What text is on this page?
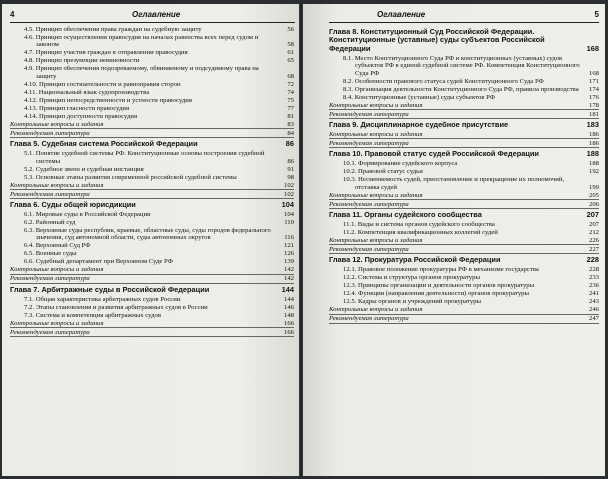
4	Оглавление
4.5. Принцип обеспечения права граждан на судебную защиту	56
4.6. Принцип осуществления правосудия на началах равенства всех перед судом и законом	58
4.7. Принцип участия граждан в отправлении правосудия	61
4.8. Принцип презумпции невиновности	65
4.9. Принцип обеспечения подозреваемому, обвиняемому и подсудимому права на защиту	68
4.10. Принцип состязательности и равноправия сторон	72
4.11. Национальный язык судопроизводства	74
4.12. Принцип непосредственности и устности правосудия	75
4.13. Принцип гласности правосудия	77
4.14. Принцип доступности правосудия	81
Контрольные вопросы и задания	83
Рекомендуемая литература	84
Глава 5. Судебная система Российской Федерации	86
5.1. Понятие судебной системы РФ. Конституционные основы построения судебной системы	86
5.2. Судебное звено и судебная инстанция	91
5.3. Основные этапы развития современной российской судебной системы	98
Контрольные вопросы и задания	102
Рекомендуемая литература	102
Глава 6. Суды общей юрисдикции	104
6.1. Мировые суды в Российской Федерации	104
6.2. Районный суд	110
6.3. Верховные суды республик, краевые, областные суды, суды городов федерального значения, суд автономной области, суды автономных округов	116
6.4. Верховный Суд РФ	121
6.5. Военные суды	126
6.6. Судебный департамент при Верховном Суде РФ	139
Контрольные вопросы и задания	142
Рекомендуемая литература	142
Глава 7. Арбитражные суды в Российской Федерации	144
7.1. Общая характеристика арбитражных судов России	144
7.2. Этапы становления и развития арбитражных судов в России	146
7.3. Система и компетенция арбитражных судов	148
Контрольные вопросы и задания	166
Рекомендуемая литература	166
Оглавление	5
Глава 8. Конституционный Суд Российской Федерации. Конституционные (уставные) суды субъектов Российской Федерации	168
8.1. Место Конституционного Суда РФ и конституционных (уставных) судов субъектов РФ в единой судебной системе РФ. Компетенция Конституционного Суда РФ	168
8.2. Особенности правового статуса судей Конституционного Суда РФ	171
8.3. Организация деятельности Конституционного Суда РФ, правила производства	174
8.4. Конституционные (уставные) суды субъектов РФ	176
Контрольные вопросы и задания	178
Рекомендуемая литература	181
Глава 9. Дисциплинарное судебное присутствие	183
Контрольные вопросы и задания	186
Рекомендуемая литература	186
Глава 10. Правовой статус судей Российской Федерации	188
10.1. Формирование судейского корпуса	188
10.2. Правовой статус судьи	192
10.3. Несменяемость судей, приостановление и прекращение их полномочий, отставка судей	199
Контрольные вопросы и задания	205
Рекомендуемая литература	206
Глава 11. Органы судейского сообщества	207
11.1. Виды и система органов судейского сообщества	207
11.2. Компетенция квалификационных коллегий судей	212
Контрольные вопросы и задания	226
Рекомендуемая литература	227
Глава 12. Прокуратура Российской Федерации	228
12.1. Правовое положение прокуратуры РФ в механизме государства	228
12.2. Система и структура органов прокуратуры	233
12.3. Принципы организации и деятельности органов прокуратуры	236
12.4. Функции (направления деятельности) органов прокуратуры	241
12.5. Кадры органов и учреждений прокуратуры	243
Контрольные вопросы и задания	246
Рекомендуемая литература	247
